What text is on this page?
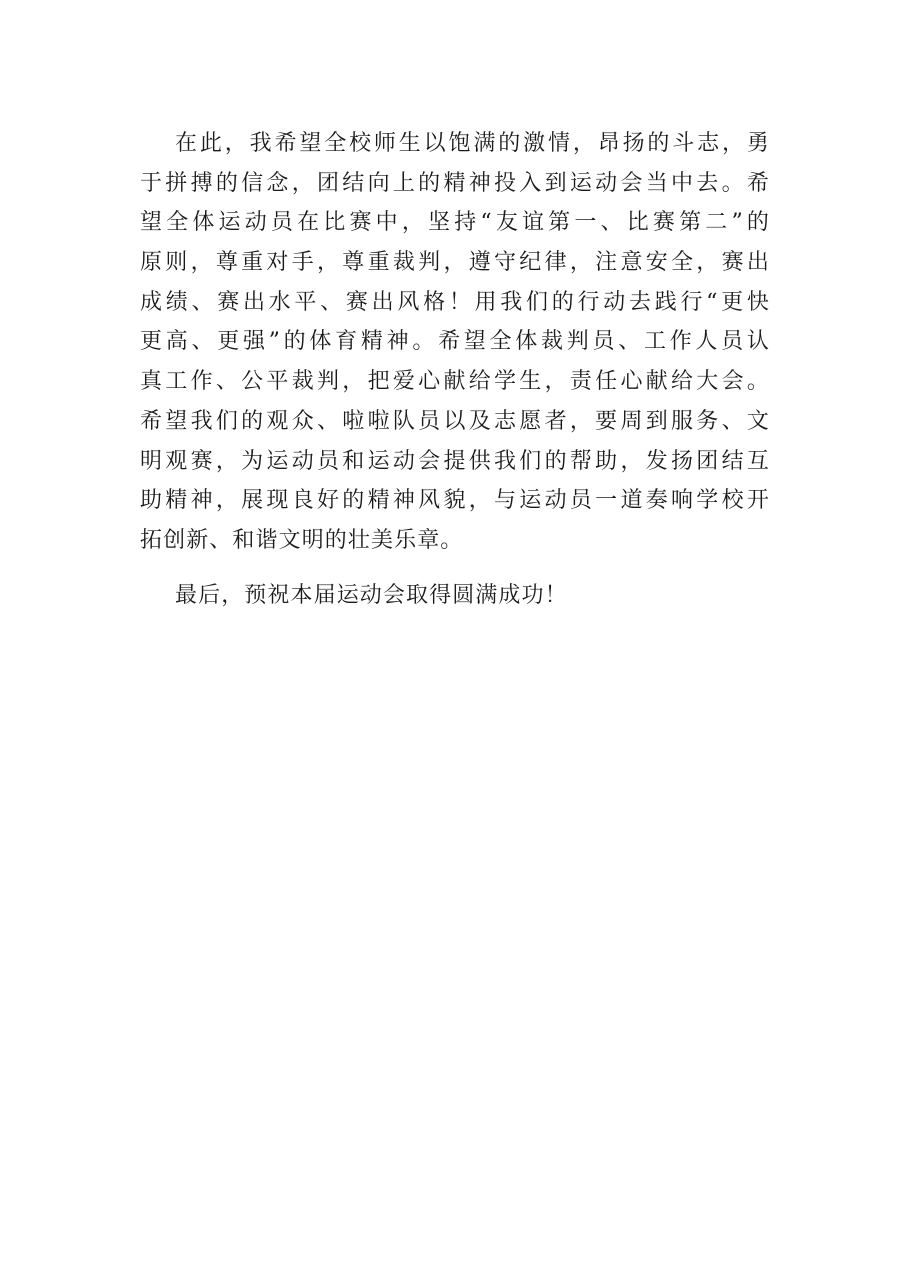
在此，我希望全校师生以饱满的激情，昂扬的斗志，勇
于拼搏的信念，团结向上的精神投入到运动会当中去。希
望全体运动员在比赛中，坚持“友谊第一、比赛第二”的
原则，尊重对手，尊重裁判，遵守纪律，注意安全，赛出
成绩、赛出水平、赛出风格！用我们的行动去践行“更快
更高、更强”的体育精神。希望全体裁判员、工作人员认
真工作、公平裁判，把爱心献给学生，责任心献给大会。
希望我们的观众、啦啦队员以及志愿者，要周到服务、文
明观赛，为运动员和运动会提供我们的帮助，发扬团结互
助精神，展现良好的精神风貌，与运动员一道奏响学校开
拓创新、和谐文明的壮美乐章。
最后，预祝本届运动会取得圆满成功！
